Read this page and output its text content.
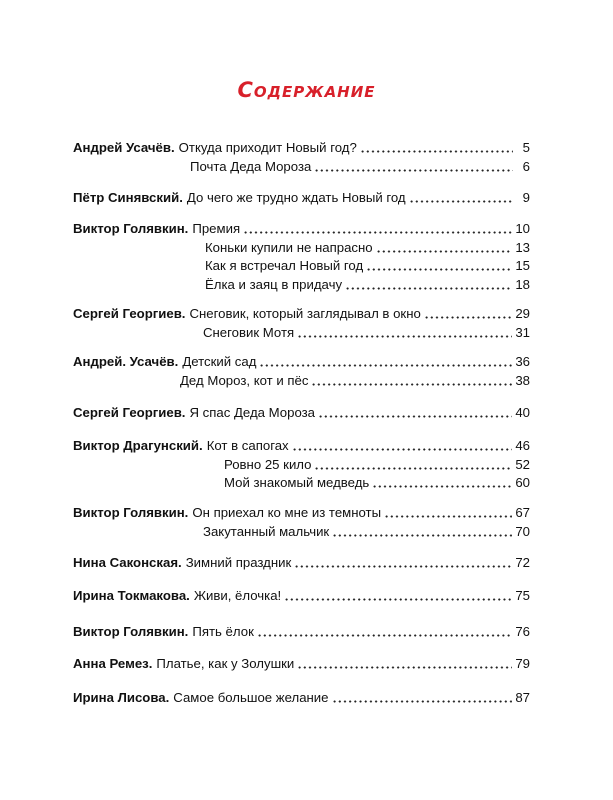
Содержание
Андрей Усачёв. Откуда приходит Новый год?	5
Почта Деда Мороза	6
Пётр Синявский. До чего же трудно ждать Новый год	9
Виктор Голявкин. Премия	10
Коньки купили не напрасно	13
Как я встречал Новый год	15
Ёлка и заяц в придачу	18
Сергей Георгиев. Снеговик, который заглядывал в окно	29
Снеговик Мотя	31
Андрей. Усачёв. Детский сад	36
Дед Мороз, кот и пёс	38
Сергей Георгиев. Я спас Деда Мороза	40
Виктор Драгунский. Кот в сапогах	46
Ровно 25 кило	52
Мой знакомый медведь	60
Виктор Голявкин. Он приехал ко мне из темноты	67
Закутанный мальчик	70
Нина Саконская. Зимний праздник	72
Ирина Токмакова. Живи, ёлочка!	75
Виктор Голявкин. Пять ёлок	76
Анна Ремез. Платье, как у Золушки	79
Ирина Лисова. Самое большое желание	87
